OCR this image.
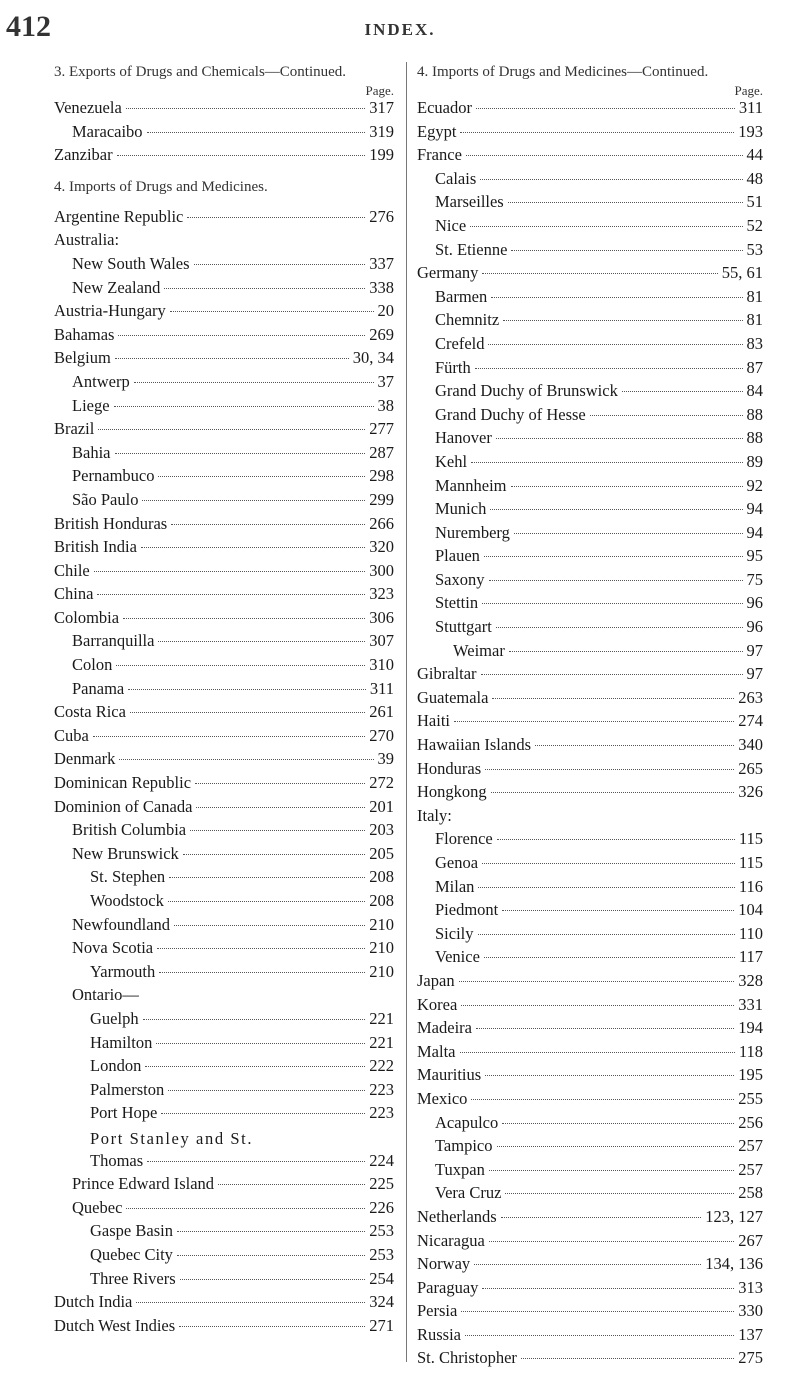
412	INDEX.
3. Exports of Drugs and Chemicals—Continued.
Page.
Venezuela	317
Maracaibo	319
Zanzibar	199
4. Imports of Drugs and Medicines.
Argentine Republic	276
Australia:
New South Wales	337
New Zealand	338
Austria-Hungary	20
Bahamas	269
Belgium	30, 34
Antwerp	37
Liege	38
Brazil	277
Bahia	287
Pernambuco	298
São Paulo	299
British Honduras	266
British India	320
Chile	300
China	323
Colombia	306
Barranquilla	307
Colon	310
Panama	311
Costa Rica	261
Cuba	270
Denmark	39
Dominican Republic	272
Dominion of Canada	201
British Columbia	203
New Brunswick	205
St. Stephen	208
Woodstock	208
Newfoundland	210
Nova Scotia	210
Yarmouth	210
Ontario—
Guelph	221
Hamilton	221
London	222
Palmerston	223
Port Hope	223
Port Stanley and St.
Thomas	224
Prince Edward Island	225
Quebec	226
Gaspe Basin	253
Quebec City	253
Three Rivers	254
Dutch India	324
Dutch West Indies	271
4. Imports of Drugs and Medicines—Continued.
Page.
Ecuador	311
Egypt	193
France	44
Calais	48
Marseilles	51
Nice	52
St. Etienne	53
Germany	55, 61
Barmen	81
Chemnitz	81
Crefeld	83
Fürth	87
Grand Duchy of Brunswick	84
Grand Duchy of Hesse	88
Hanover	88
Kehl	89
Mannheim	92
Munich	94
Nuremberg	94
Plauen	95
Saxony	75
Stettin	96
Stuttgart	96
Weimar	97
Gibraltar	97
Guatemala	263
Haiti	274
Hawaiian Islands	340
Honduras	265
Hongkong	326
Italy:
Florence	115
Genoa	115
Milan	116
Piedmont	104
Sicily	110
Venice	117
Japan	328
Korea	331
Madeira	194
Malta	118
Mauritius	195
Mexico	255
Acapulco	256
Tampico	257
Tuxpan	257
Vera Cruz	258
Netherlands	123, 127
Nicaragua	267
Norway	134, 136
Paraguay	313
Persia	330
Russia	137
St. Christopher	275
